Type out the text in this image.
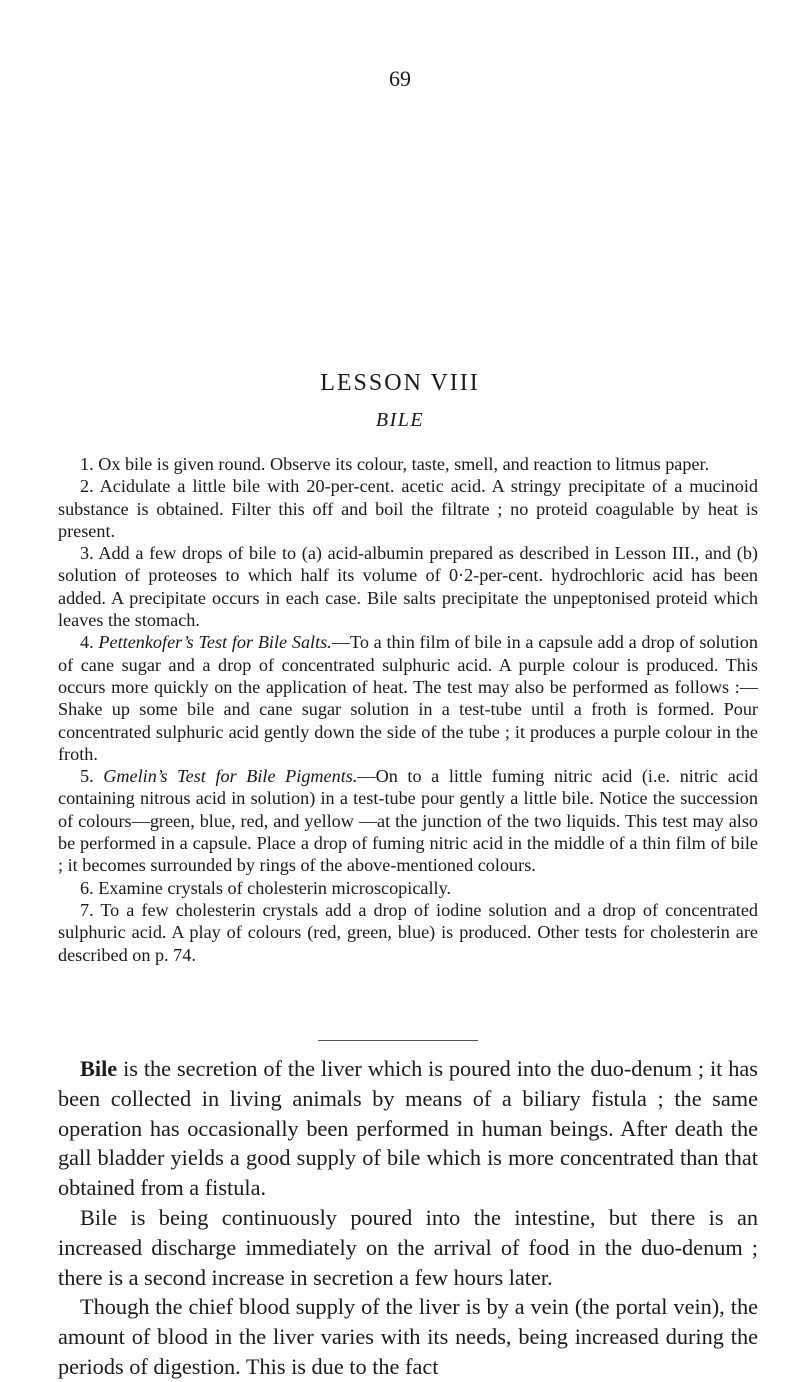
69
LESSON VIII
BILE

1. Ox bile is given round. Observe its colour, taste, smell, and reaction to litmus paper.

2. Acidulate a little bile with 20-per-cent. acetic acid. A stringy precipitate of a mucinoid substance is obtained. Filter this off and boil the filtrate ; no proteid coagulable by heat is present.

3. Add a few drops of bile to (a) acid-albumin prepared as described in Lesson III., and (b) solution of proteoses to which half its volume of 0·2-per-cent. hydrochloric acid has been added. A precipitate occurs in each case. Bile salts precipitate the unpeptonised proteid which leaves the stomach.

4. Pettenkofer’s Test for Bile Salts.—To a thin film of bile in a capsule add a drop of solution of cane sugar and a drop of concentrated sulphuric acid. A purple colour is produced. This occurs more quickly on the application of heat. The test may also be performed as follows :—Shake up some bile and cane sugar solution in a test-tube until a froth is formed. Pour concentrated sulphuric acid gently down the side of the tube ; it produces a purple colour in the froth.

5. Gmelin’s Test for Bile Pigments.—On to a little fuming nitric acid (i.e. nitric acid containing nitrous acid in solution) in a test-tube pour gently a little bile. Notice the succession of colours—green, blue, red, and yellow —at the junction of the two liquids. This test may also be performed in a capsule. Place a drop of fuming nitric acid in the middle of a thin film of bile ; it becomes surrounded by rings of the above-mentioned colours.

6. Examine crystals of cholesterin microscopically.

7. To a few cholesterin crystals add a drop of iodine solution and a drop of concentrated sulphuric acid. A play of colours (red, green, blue) is produced. Other tests for cholesterin are described on p. 74.

Bile is the secretion of the liver which is poured into the duo-denum ; it has been collected in living animals by means of a biliary fistula ; the same operation has occasionally been performed in human beings. After death the gall bladder yields a good supply of bile which is more concentrated than that obtained from a fistula.

Bile is being continuously poured into the intestine, but there is an increased discharge immediately on the arrival of food in the duo-denum ; there is a second increase in secretion a few hours later.

Though the chief blood supply of the liver is by a vein (the portal vein), the amount of blood in the liver varies with its needs, being increased during the periods of digestion. This is due to the fact
